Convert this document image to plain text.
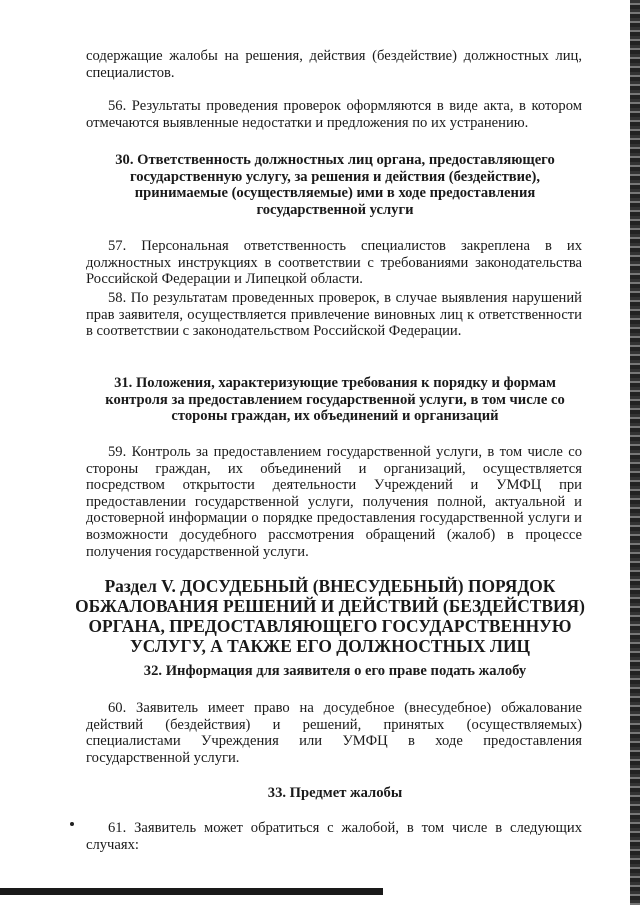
содержащие жалобы на решения, действия (бездействие) должностных лиц, специалистов.

56. Результаты проведения проверок оформляются в виде акта, в котором отмечаются выявленные недостатки и предложения по их устранению.

30. Ответственность должностных лиц органа, предоставляющего государственную услугу, за решения и действия (бездействие), принимаемые (осуществляемые) ими в ходе предоставления государственной услуги

57. Персональная ответственность специалистов закреплена в их должностных инструкциях в соответствии с требованиями законодательства Российской Федерации и Липецкой области.

58. По результатам проведенных проверок, в случае выявления нарушений прав заявителя, осуществляется привлечение виновных лиц к ответственности в соответствии с законодательством Российской Федерации.

31. Положения, характеризующие требования к порядку и формам контроля за предоставлением государственной услуги, в том числе со стороны граждан, их объединений и организаций

59. Контроль за предоставлением государственной услуги, в том числе со стороны граждан, их объединений и организаций, осуществляется посредством открытости деятельности Учреждений и УМФЦ при предоставлении государственной услуги, получения полной, актуальной и достоверной информации о порядке предоставления государственной услуги и возможности досудебного рассмотрения обращений (жалоб) в процессе получения государственной услуги.

Раздел V. ДОСУДЕБНЫЙ (ВНЕСУДЕБНЫЙ) ПОРЯДОК ОБЖАЛОВАНИЯ РЕШЕНИЙ И ДЕЙСТВИЙ (БЕЗДЕЙСТВИЯ) ОРГАНА, ПРЕДОСТАВЛЯЮЩЕГО ГОСУДАРСТВЕННУЮ УСЛУГУ, А ТАКЖЕ ЕГО ДОЛЖНОСТНЫХ ЛИЦ
32. Информация для заявителя о его праве подать жалобу

60. Заявитель имеет право на досудебное (внесудебное) обжалование действий (бездействия) и решений, принятых (осуществляемых) специалистами Учреждения или УМФЦ в ходе предоставления государственной услуги.

33. Предмет жалобы

61. Заявитель может обратиться с жалобой, в том числе в следующих случаях:
